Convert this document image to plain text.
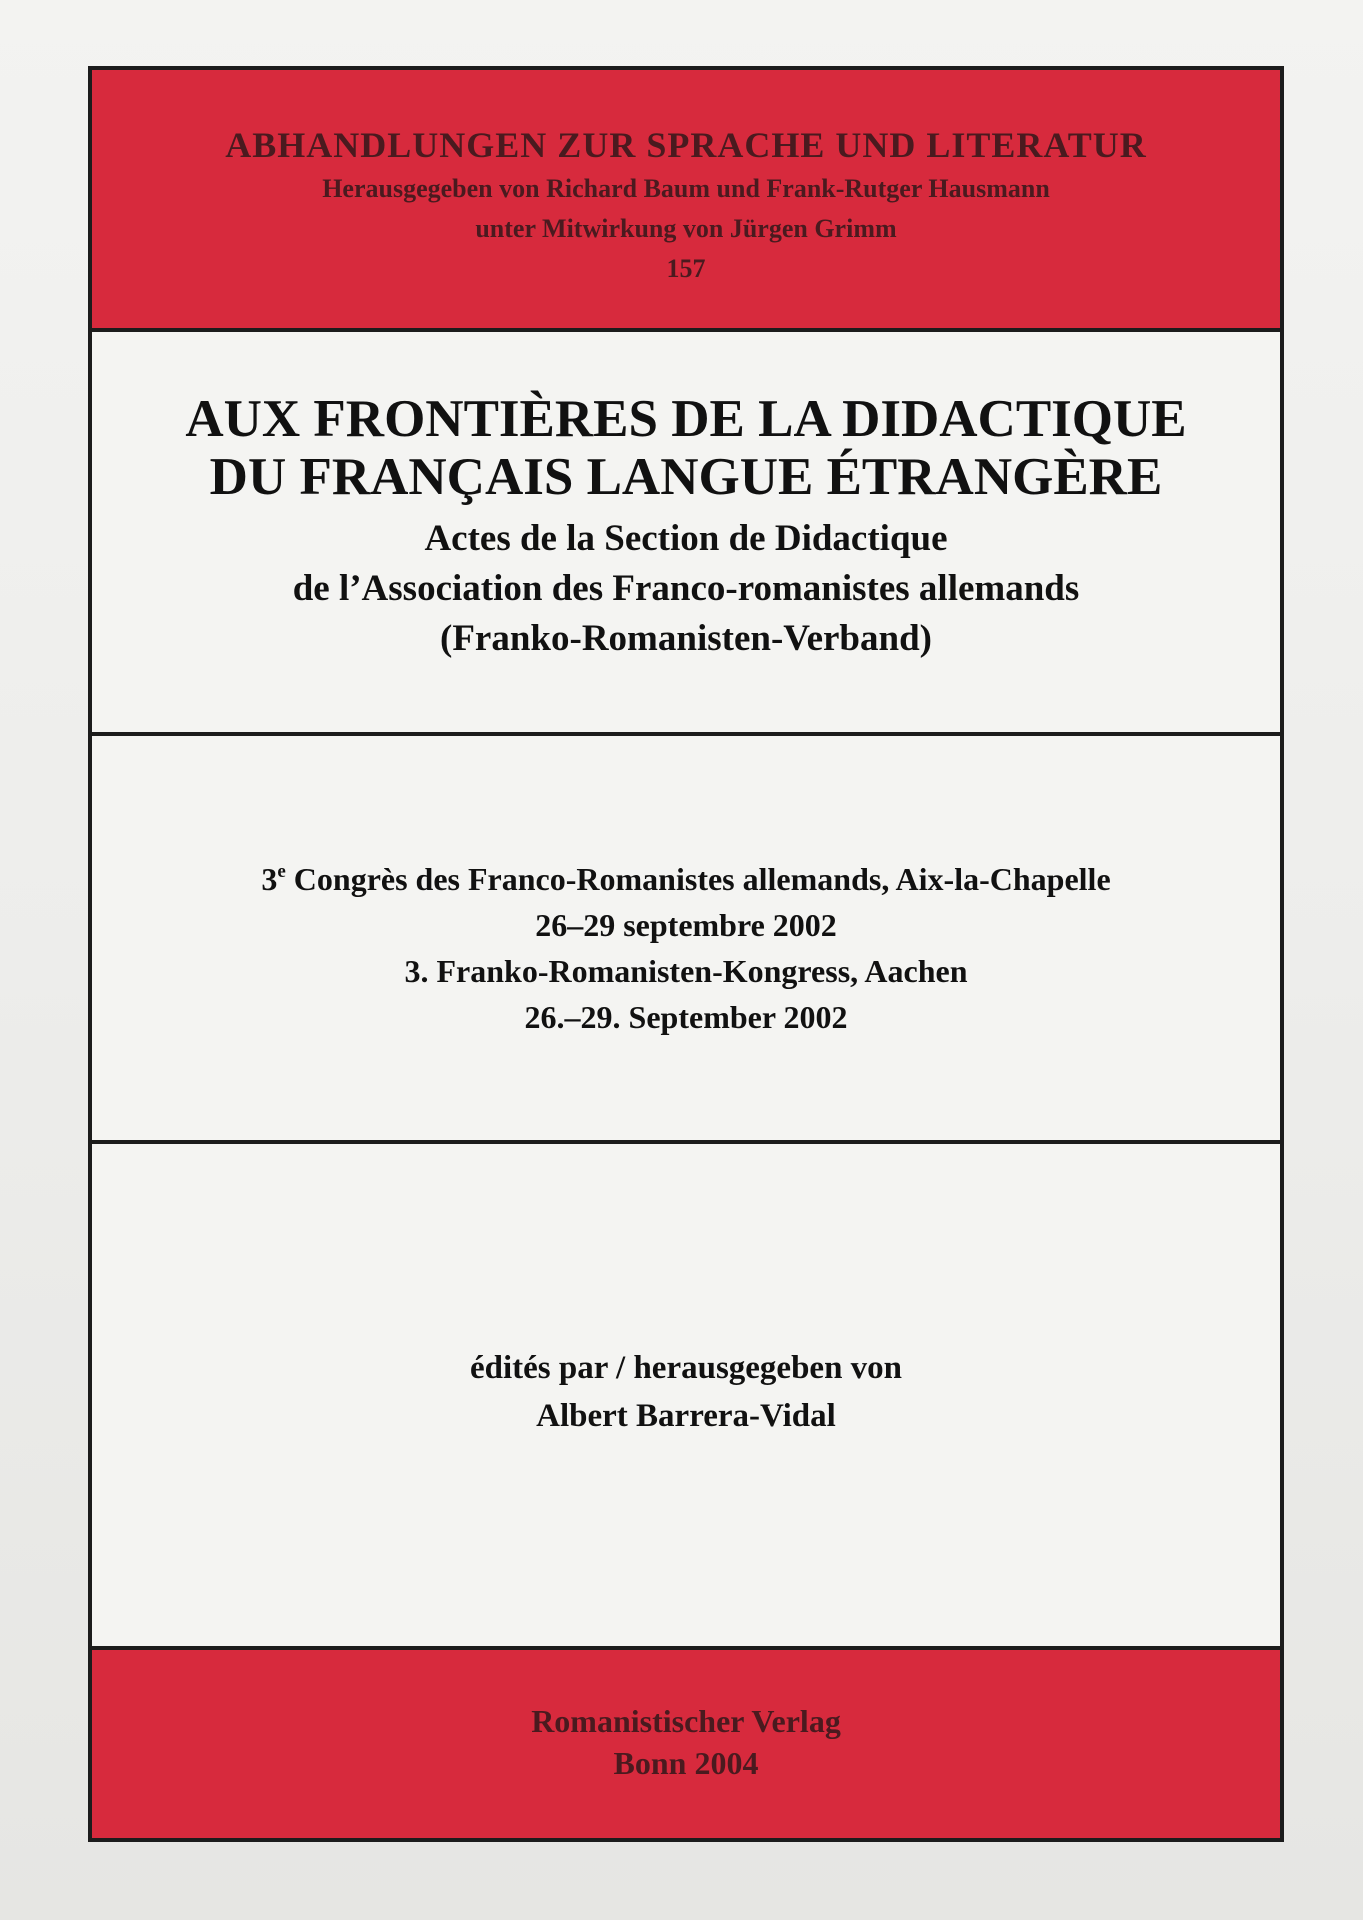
ABHANDLUNGEN ZUR SPRACHE UND LITERATUR
Herausgegeben von Richard Baum und Frank-Rutger Hausmann
unter Mitwirkung von Jürgen Grimm
157
AUX FRONTIÈRES DE LA DIDACTIQUE
DU FRANÇAIS LANGUE ÉTRANGÈRE
Actes de la Section de Didactique
de l’Association des Franco-romanistes allemands
(Franko-Romanisten-Verband)
3e Congrès des Franco-Romanistes allemands, Aix-la-Chapelle
26–29 septembre 2002
3. Franko-Romanisten-Kongress, Aachen
26.–29. September 2002
édités par / herausgegeben von
Albert Barrera-Vidal
Romanistischer Verlag
Bonn 2004
